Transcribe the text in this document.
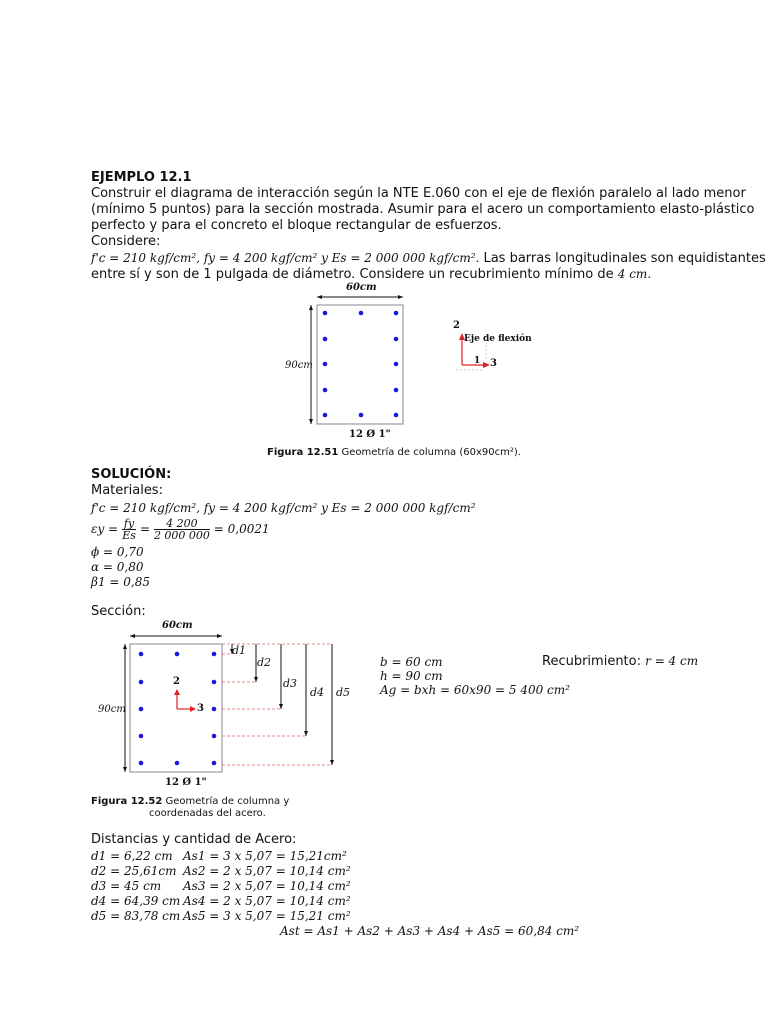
EJEMPLO 12.1
Construir el diagrama de interacción según la NTE E.060 con el eje de flexión paralelo al lado menor
(mínimo 5 puntos) para la sección mostrada. Asumir para el acero un comportamiento elasto-plástico
perfecto y para el concreto el bloque rectangular de esfuerzos.
Considere:
f'c = 210 kgf/cm², fy = 4 200 kgf/cm² y Es = 2 000 000 kgf/cm². Las barras longitudinales son equidistantes
entre sí y son de 1 pulgada de diámetro. Considere un recubrimiento mínimo de 4 cm.
60cm
90cm
12 Ø 1"
2
Eje de flexión
1 3
Figura 12.51 Geometría de columna (60x90cm²).
SOLUCIÓN:
Materiales:
f'c = 210 kgf/cm², fy = 4 200 kgf/cm² y Es = 2 000 000 kgf/cm²
$\varepsilon y = \frac{fy}{Es} = \frac{4 200}{2 000 000} = 0,0021$
ϕ = 0,70
α = 0,80
β1 = 0,85
Sección:
60cm
90cm
12 Ø 1"
2
3
d1
d2
d3
d4 d5
Figura 12.52 Geometría de columna y
coordenadas del acero.
b = 60 cm
h = 90 cm
Ag = bxh = 60x90 = 5 400 cm²
Recubrimiento: r = 4 cm
Distancias y cantidad de Acero:
d1 = 6,22 cm As1 = 3 x 5,07 = 15,21cm²
d2 = 25,61cm As2 = 2 x 5,07 = 10,14 cm²
d3 = 45 cm As3 = 2 x 5,07 = 10,14 cm²
d4 = 64,39 cm As4 = 2 x 5,07 = 10,14 cm²
d5 = 83,78 cm As5 = 3 x 5,07 = 15,21 cm²
Ast = As1 + As2 + As3 + As4 + As5 = 60,84 cm²
